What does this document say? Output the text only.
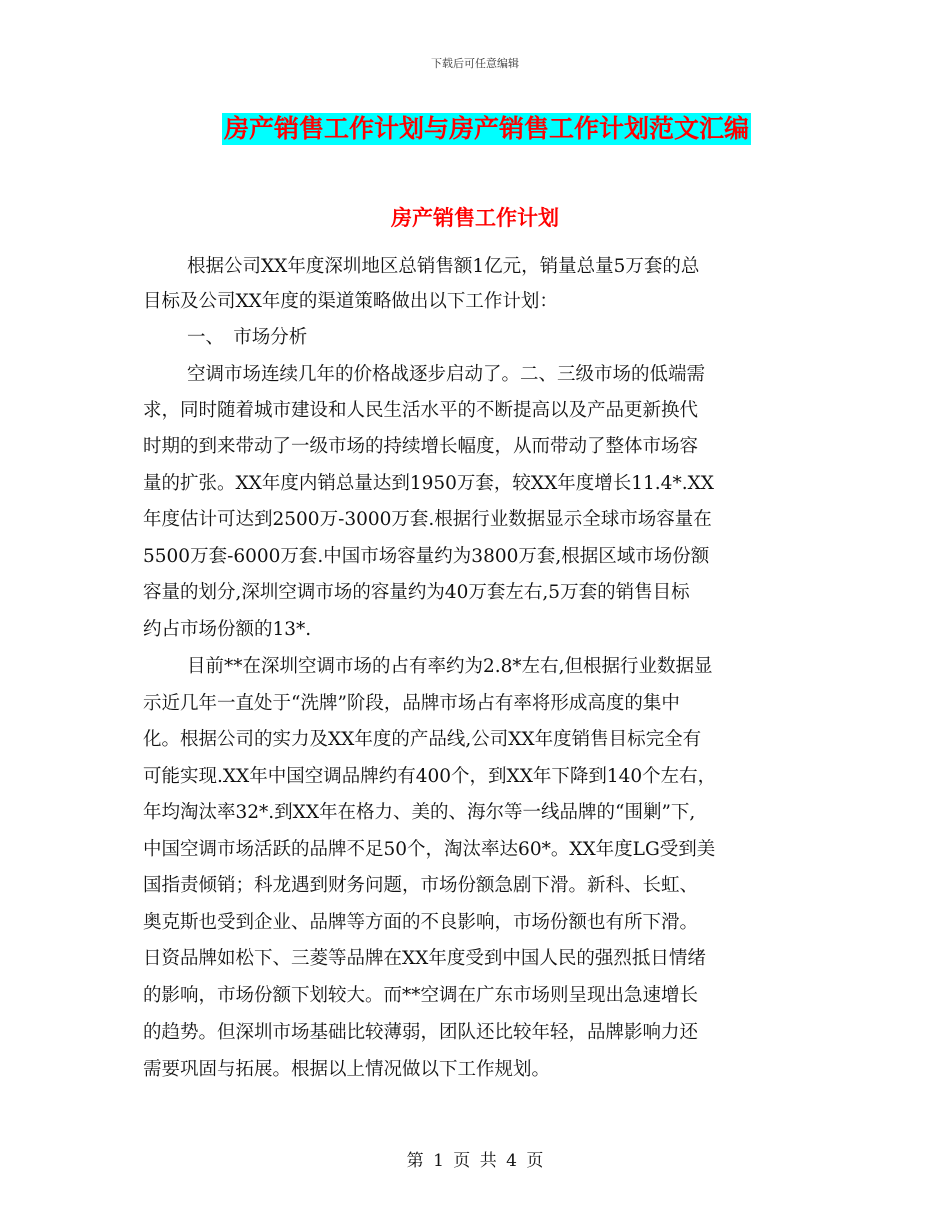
下载后可任意编辑
房产销售工作计划与房产销售工作计划范文汇编
房产销售工作计划
根据公司XX年度深圳地区总销售额1亿元，销量总量5万套的总
目标及公司XX年度的渠道策略做出以下工作计划：
一、　市场分析
空调市场连续几年的价格战逐步启动了。二、三级市场的低端需
求，同时随着城市建设和人民生活水平的不断提高以及产品更新换代
时期的到来带动了一级市场的持续增长幅度，从而带动了整体市场容
量的扩张。XX年度内销总量达到1950万套，较XX年度增长11.4*.XX
年度估计可达到2500万-3000万套.根据行业数据显示全球市场容量在
5500万套-6000万套.中国市场容量约为3800万套,根据区域市场份额
容量的划分,深圳空调市场的容量约为40万套左右,5万套的销售目标
约占市场份额的13*.
目前**在深圳空调市场的占有率约为2.8*左右,但根据行业数据显
示近几年一直处于“洗牌”阶段，品牌市场占有率将形成高度的集中
化。根据公司的实力及XX年度的产品线,公司XX年度销售目标完全有
可能实现.XX年中国空调品牌约有400个，到XX年下降到140个左右，
年均淘汰率32*.到XX年在格力、美的、海尔等一线品牌的“围剿”下,
中国空调市场活跃的品牌不足50个，淘汰率达60*。XX年度LG受到美
国指责倾销；科龙遇到财务问题，市场份额急剧下滑。新科、长虹、
奥克斯也受到企业、品牌等方面的不良影响，市场份额也有所下滑。
日资品牌如松下、三菱等品牌在XX年度受到中国人民的强烈抵日情绪
的影响，市场份额下划较大。而**空调在广东市场则呈现出急速增长
的趋势。但深圳市场基础比较薄弱，团队还比较年轻，品牌影响力还
需要巩固与拓展。根据以上情况做以下工作规划。
第 1 页 共 4 页
